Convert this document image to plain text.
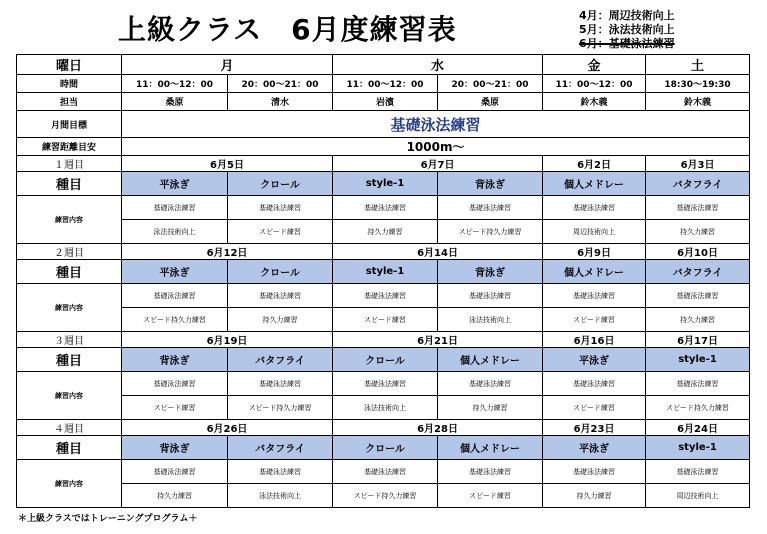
上級クラス　6月度練習表	4月：周辺技術向上
5月：泳法技術向上
6月：基礎泳法練習
曜日	月		水		金	土
時間	11：00～12：00	20：00～21：00	11：00～12：00	20：00～21：00	11：00～12：00	18:30～19:30
担当	桑原	清水	岩濱	桑原	鈴木義	鈴木義
月間目標	基礎泳法練習					
練習距離目安	1000m～					
１週目	6月5日		6月7日		6月2日	6月3日
種目	平泳ぎ	クロール	style-1	背泳ぎ	個人メドレー	バタフライ
練習内容	基礎泳法練習	基礎泳法練習	基礎泳法練習	基礎泳法練習	基礎泳法練習	基礎泳法練習
	泳法技術向上	スピード練習	持久力練習	スピード持久力練習	周辺技術向上	持久力練習
２週目	6月12日		6月14日		6月9日	6月10日
種目	平泳ぎ	クロール	style-1	背泳ぎ	個人メドレー	バタフライ
練習内容	基礎泳法練習	基礎泳法練習	基礎泳法練習	基礎泳法練習	基礎泳法練習	基礎泳法練習
	スピード持久力練習	持久力練習	スピード練習	泳法技術向上	スピード練習	持久力練習
３週目	6月19日		6月21日		6月16日	6月17日
種目	背泳ぎ	バタフライ	クロール	個人メドレー	平泳ぎ	style-1
練習内容	基礎泳法練習	基礎泳法練習	基礎泳法練習	基礎泳法練習	基礎泳法練習	基礎泳法練習
	スピード練習	スピード持久力練習	泳法技術向上	持久力練習	スピード練習	スピード持久力練習
４週目	6月26日		6月28日		6月23日	6月24日
種目	背泳ぎ	バタフライ	クロール	個人メドレー	平泳ぎ	style-1
練習内容	基礎泳法練習	基礎泳法練習	基礎泳法練習	基礎泳法練習	基礎泳法練習	基礎泳法練習
	持久力練習	泳法技術向上	スピード持久力練習	スピード練習	持久力練習	周辺技術向上
＊上級クラスではトレーニングプログラム＋
